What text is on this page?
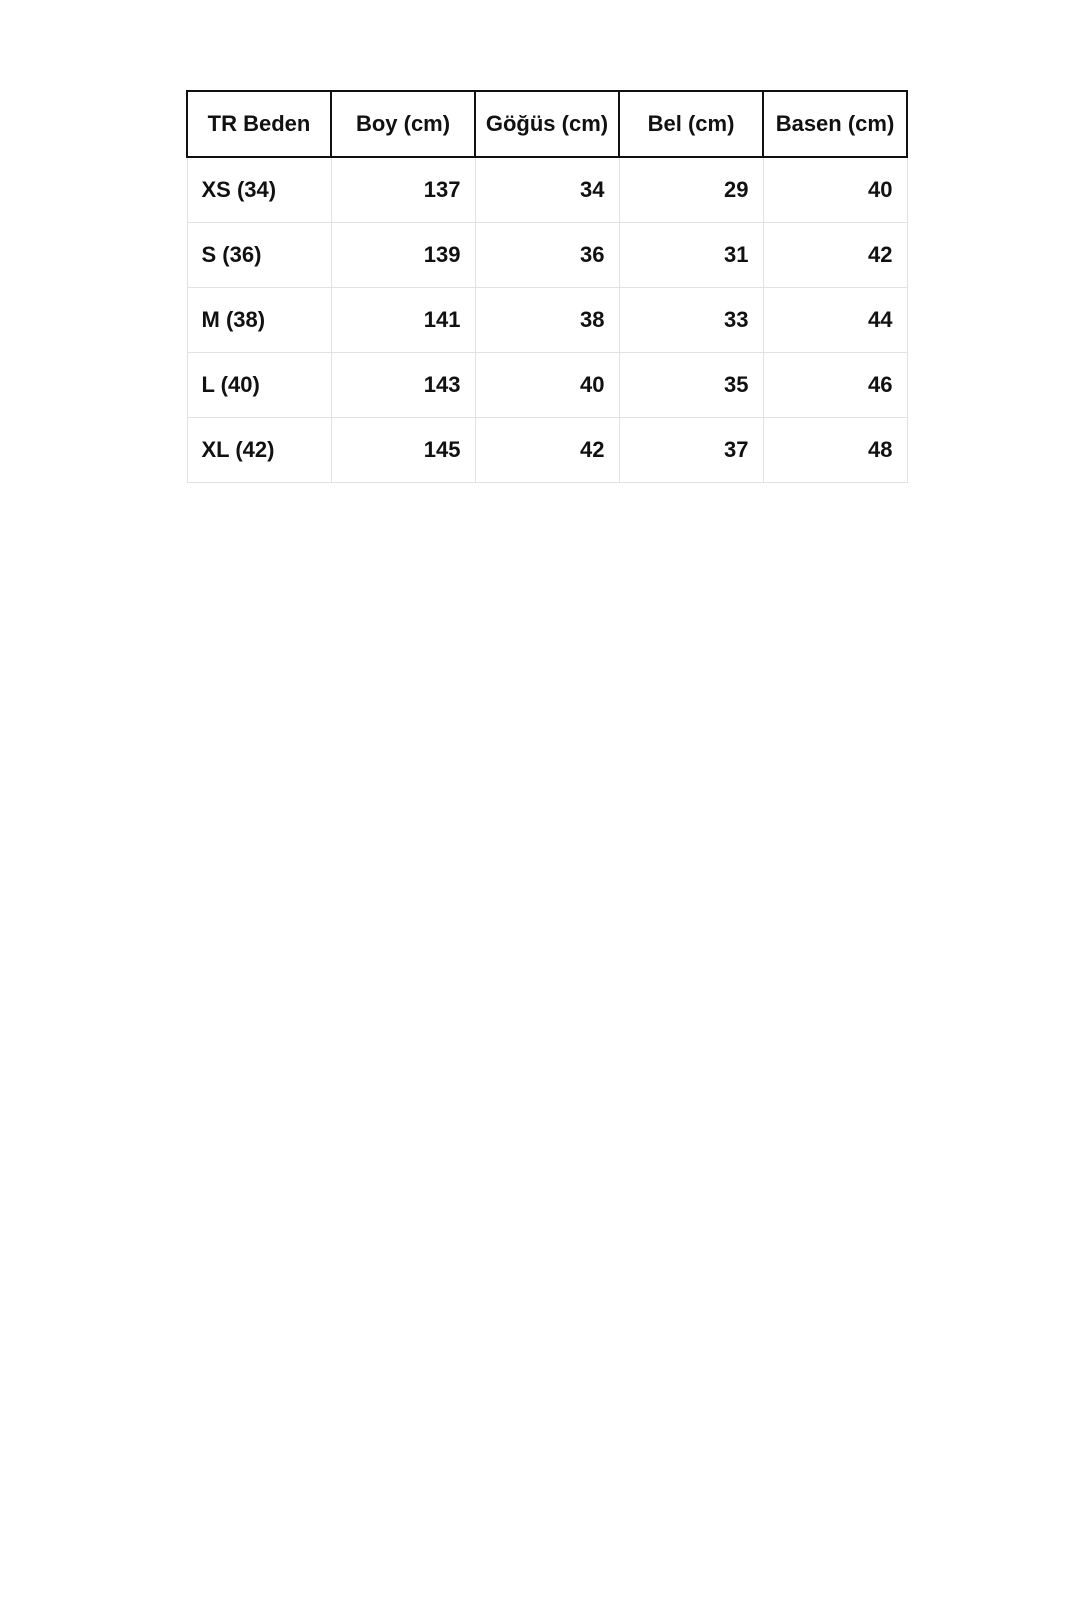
TR Beden	Boy (cm)	Göğüs (cm)	Bel (cm)	Basen (cm)
XS (34)	137	34	29	40
S (36)	139	36	31	42
M (38)	141	38	33	44
L (40)	143	40	35	46
XL (42)	145	42	37	48
